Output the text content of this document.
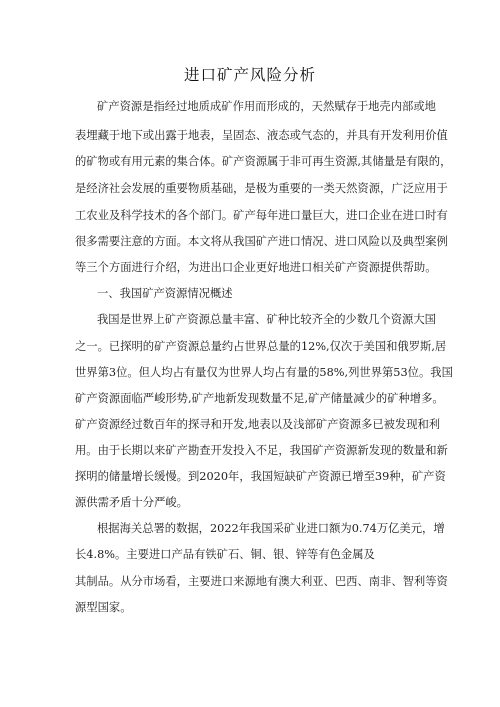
进口矿产风险分析
矿产资源是指经过地质成矿作用而形成的，天然赋存于地壳内部或地
表埋藏于地下或出露于地表，呈固态、液态或气态的，并具有开发利用价值
的矿物或有用元素的集合体。矿产资源属于非可再生资源,其储量是有限的，
是经济社会发展的重要物质基础，是极为重要的一类天然资源，广泛应用于
工农业及科学技术的各个部门。矿产每年进口量巨大，进口企业在进口时有
很多需要注意的方面。本文将从我国矿产进口情况、进口风险以及典型案例
等三个方面进行介绍，为进出口企业更好地进口相关矿产资源提供帮助。
一、我国矿产资源情况概述
我国是世界上矿产资源总量丰富、矿种比较齐全的少数几个资源大国
之一。已探明的矿产资源总量约占世界总量的12%,仅次于美国和俄罗斯,居
世界第3位。但人均占有量仅为世界人均占有量的58%,列世界第53位。我国
矿产资源面临严峻形势,矿产地新发现数量不足,矿产储量减少的矿种增多。
矿产资源经过数百年的探寻和开发,地表以及浅部矿产资源多已被发现和利
用。由于长期以来矿产勘查开发投入不足，我国矿产资源新发现的数量和新
探明的储量增长缓慢。到2020年，我国短缺矿产资源已增至39种，矿产资
源供需矛盾十分严峻。
根据海关总署的数据，2022年我国采矿业进口额为0.74万亿美元，增
长4.8%。主要进口产品有铁矿石、铜、银、锌等有色金属及
其制品。从分市场看，主要进口来源地有澳大利亚、巴西、南非、智利等资
源型国家。
